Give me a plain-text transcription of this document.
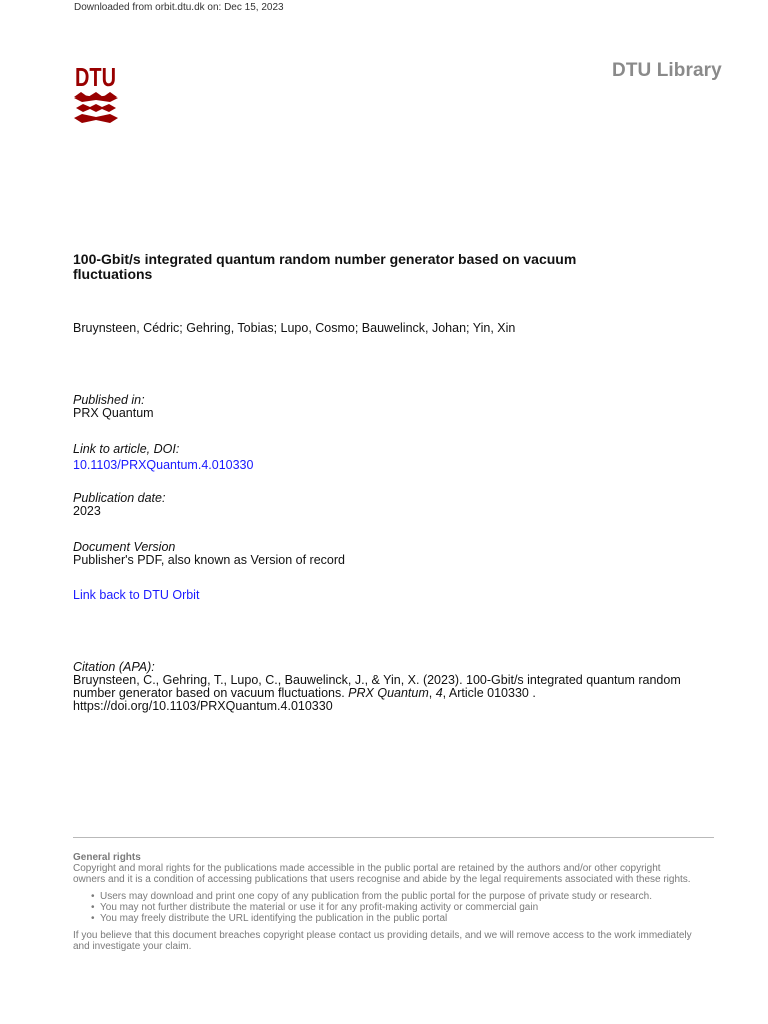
Downloaded from orbit.dtu.dk on: Dec 15, 2023
DTU	DTU Library
100-Gbit/s integrated quantum random number generator based on vacuum
fluctuations
Bruynsteen, Cédric; Gehring, Tobias; Lupo, Cosmo; Bauwelinck, Johan; Yin, Xin
Published in:
PRX Quantum
Link to article, DOI:
10.1103/PRXQuantum.4.010330
Publication date:
2023
Document Version
Publisher's PDF, also known as Version of record
Link back to DTU Orbit
Citation (APA):
Bruynsteen, C., Gehring, T., Lupo, C., Bauwelinck, J., & Yin, X. (2023). 100-Gbit/s integrated quantum random
number generator based on vacuum fluctuations. PRX Quantum, 4, Article 010330 .
https://doi.org/10.1103/PRXQuantum.4.010330
General rights
Copyright and moral rights for the publications made accessible in the public portal are retained by the authors and/or other copyright
owners and it is a condition of accessing publications that users recognise and abide by the legal requirements associated with these rights.
• Users may download and print one copy of any publication from the public portal for the purpose of private study or research.
• You may not further distribute the material or use it for any profit-making activity or commercial gain
• You may freely distribute the URL identifying the publication in the public portal
If you believe that this document breaches copyright please contact us providing details, and we will remove access to the work immediately
and investigate your claim.
